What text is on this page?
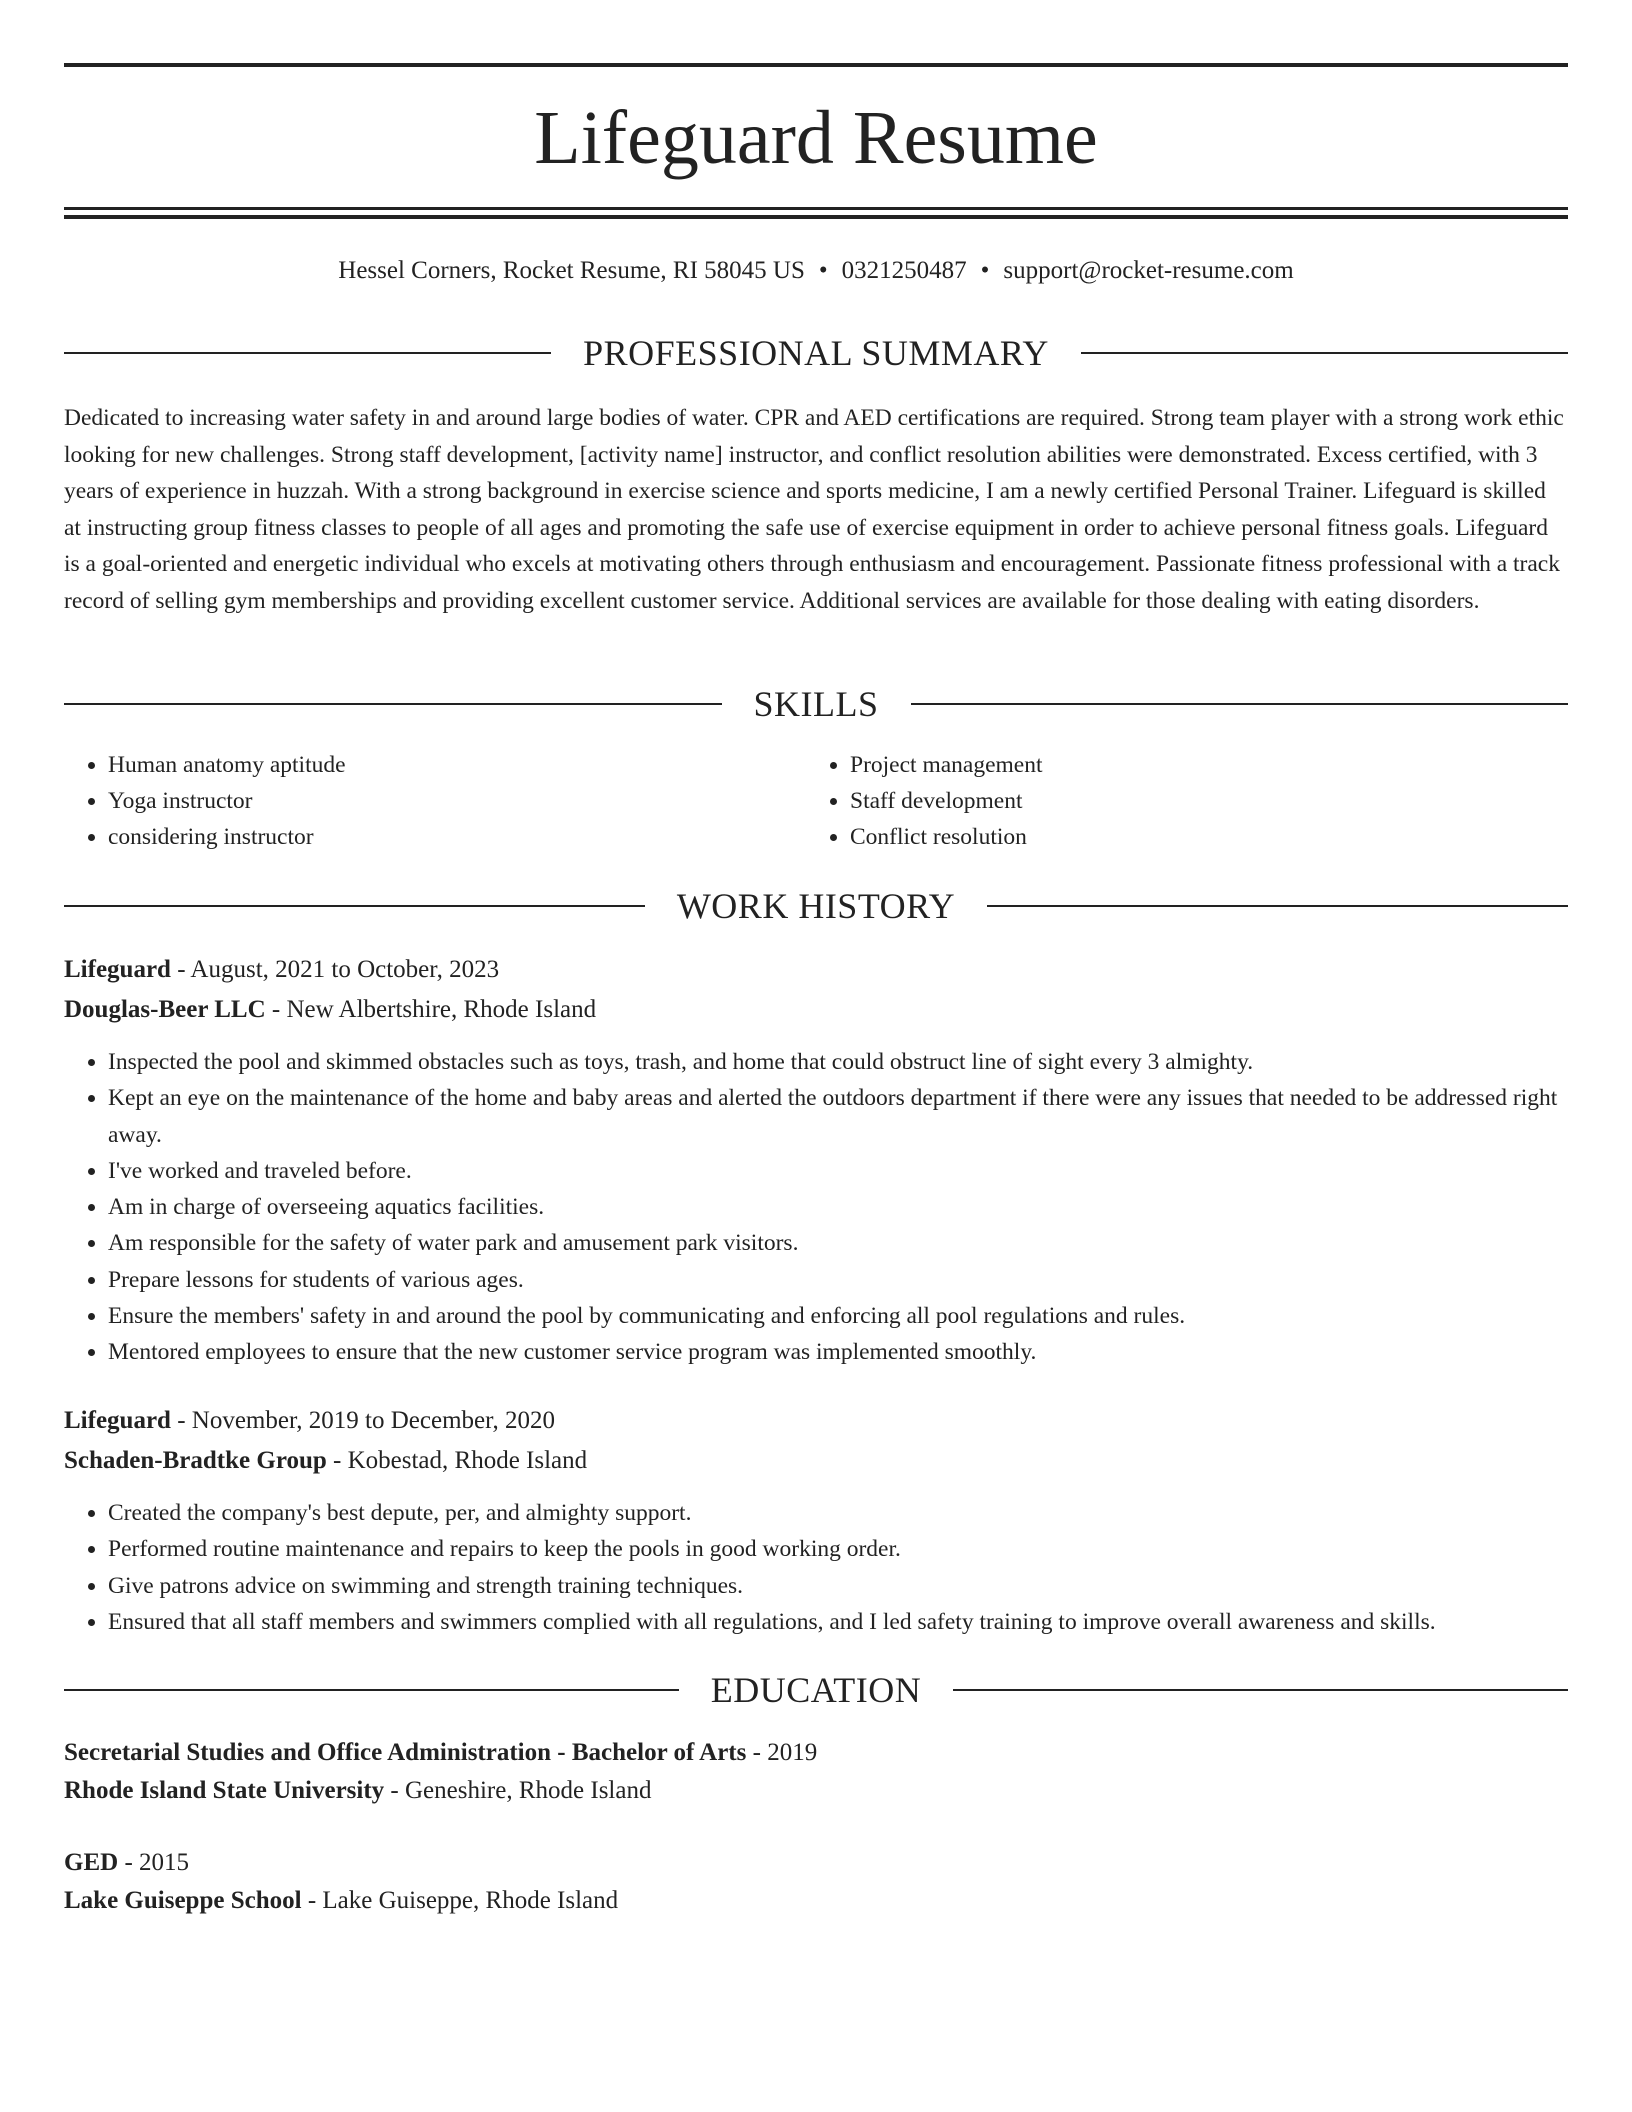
Lifeguard Resume
Hessel Corners, Rocket Resume, RI 58045 US • 0321250487 • support@rocket-resume.com
PROFESSIONAL SUMMARY

Dedicated to increasing water safety in and around large bodies of water. CPR and AED certifications are required. Strong team player with a strong work ethic looking for new challenges. Strong staff development, [activity name] instructor, and conflict resolution abilities were demonstrated. Excess certified, with 3 years of experience in huzzah. With a strong background in exercise science and sports medicine, I am a newly certified Personal Trainer. Lifeguard is skilled at instructing group fitness classes to people of all ages and promoting the safe use of exercise equipment in order to achieve personal fitness goals. Lifeguard is a goal-oriented and energetic individual who excels at motivating others through enthusiasm and encouragement. Passionate fitness professional with a track record of selling gym memberships and providing excellent customer service. Additional services are available for those dealing with eating disorders.

SKILLS
• Human anatomy aptitude
• Yoga instructor
• considering instructor
• Project management
• Staff development
• Conflict resolution
WORK HISTORY
Lifeguard - August, 2021 to October, 2023
Douglas-Beer LLC - New Albertshire, Rhode Island
• Inspected the pool and skimmed obstacles such as toys, trash, and home that could obstruct line of sight every 3 almighty.
• Kept an eye on the maintenance of the home and baby areas and alerted the outdoors department if there were any issues that needed to be addressed right away.
• I've worked and traveled before.
• Am in charge of overseeing aquatics facilities.
• Am responsible for the safety of water park and amusement park visitors.
• Prepare lessons for students of various ages.
• Ensure the members' safety in and around the pool by communicating and enforcing all pool regulations and rules.
• Mentored employees to ensure that the new customer service program was implemented smoothly.
Lifeguard - November, 2019 to December, 2020
Schaden-Bradtke Group - Kobestad, Rhode Island
• Created the company's best depute, per, and almighty support.
• Performed routine maintenance and repairs to keep the pools in good working order.
• Give patrons advice on swimming and strength training techniques.
• Ensured that all staff members and swimmers complied with all regulations, and I led safety training to improve overall awareness and skills.
EDUCATION
Secretarial Studies and Office Administration - Bachelor of Arts - 2019
Rhode Island State University - Geneshire, Rhode Island
GED - 2015
Lake Guiseppe School - Lake Guiseppe, Rhode Island
